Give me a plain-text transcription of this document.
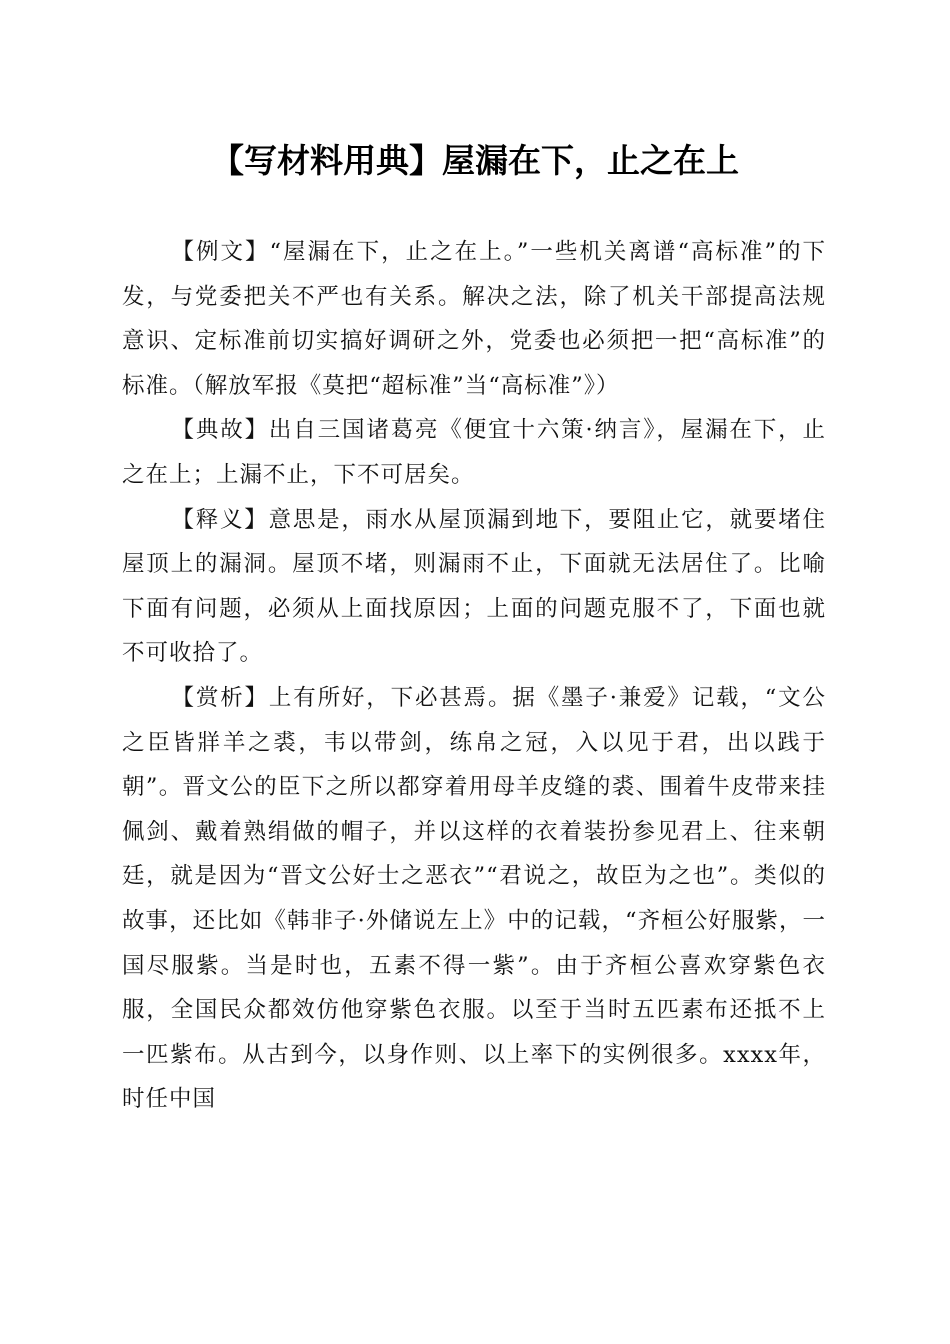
【写材料用典】屋漏在下，止之在上

【例文】“屋漏在下，止之在上。”一些机关离谱“高标准”的下发，与党委把关不严也有关系。解决之法，除了机关干部提高法规意识、定标准前切实搞好调研之外，党委也必须把一把“高标准”的标准。（解放军报《莫把“超标准”当“高标准”》）

【典故】出自三国诸葛亮《便宜十六策·纳言》，屋漏在下，止之在上；上漏不止，下不可居矣。

【释义】意思是，雨水从屋顶漏到地下，要阻止它，就要堵住屋顶上的漏洞。屋顶不堵，则漏雨不止，下面就无法居住了。比喻下面有问题，必须从上面找原因；上面的问题克服不了，下面也就不可收拾了。

【赏析】上有所好，下必甚焉。据《墨子·兼爱》记载，“文公之臣皆牂羊之裘，韦以带剑，练帛之冠，入以见于君，出以践于朝”。晋文公的臣下之所以都穿着用母羊皮缝的裘、围着牛皮带来挂佩剑、戴着熟绢做的帽子，并以这样的衣着装扮参见君上、往来朝廷，就是因为“晋文公好士之恶衣”“君说之，故臣为之也”。类似的故事，还比如《韩非子·外储说左上》中的记载，“齐桓公好服紫，一国尽服紫。当是时也，五素不得一紫”。由于齐桓公喜欢穿紫色衣服，全国民众都效仿他穿紫色衣服。以至于当时五匹素布还抵不上一匹紫布。从古到今，以身作则、以上率下的实例很多。xxxx年，时任中国
